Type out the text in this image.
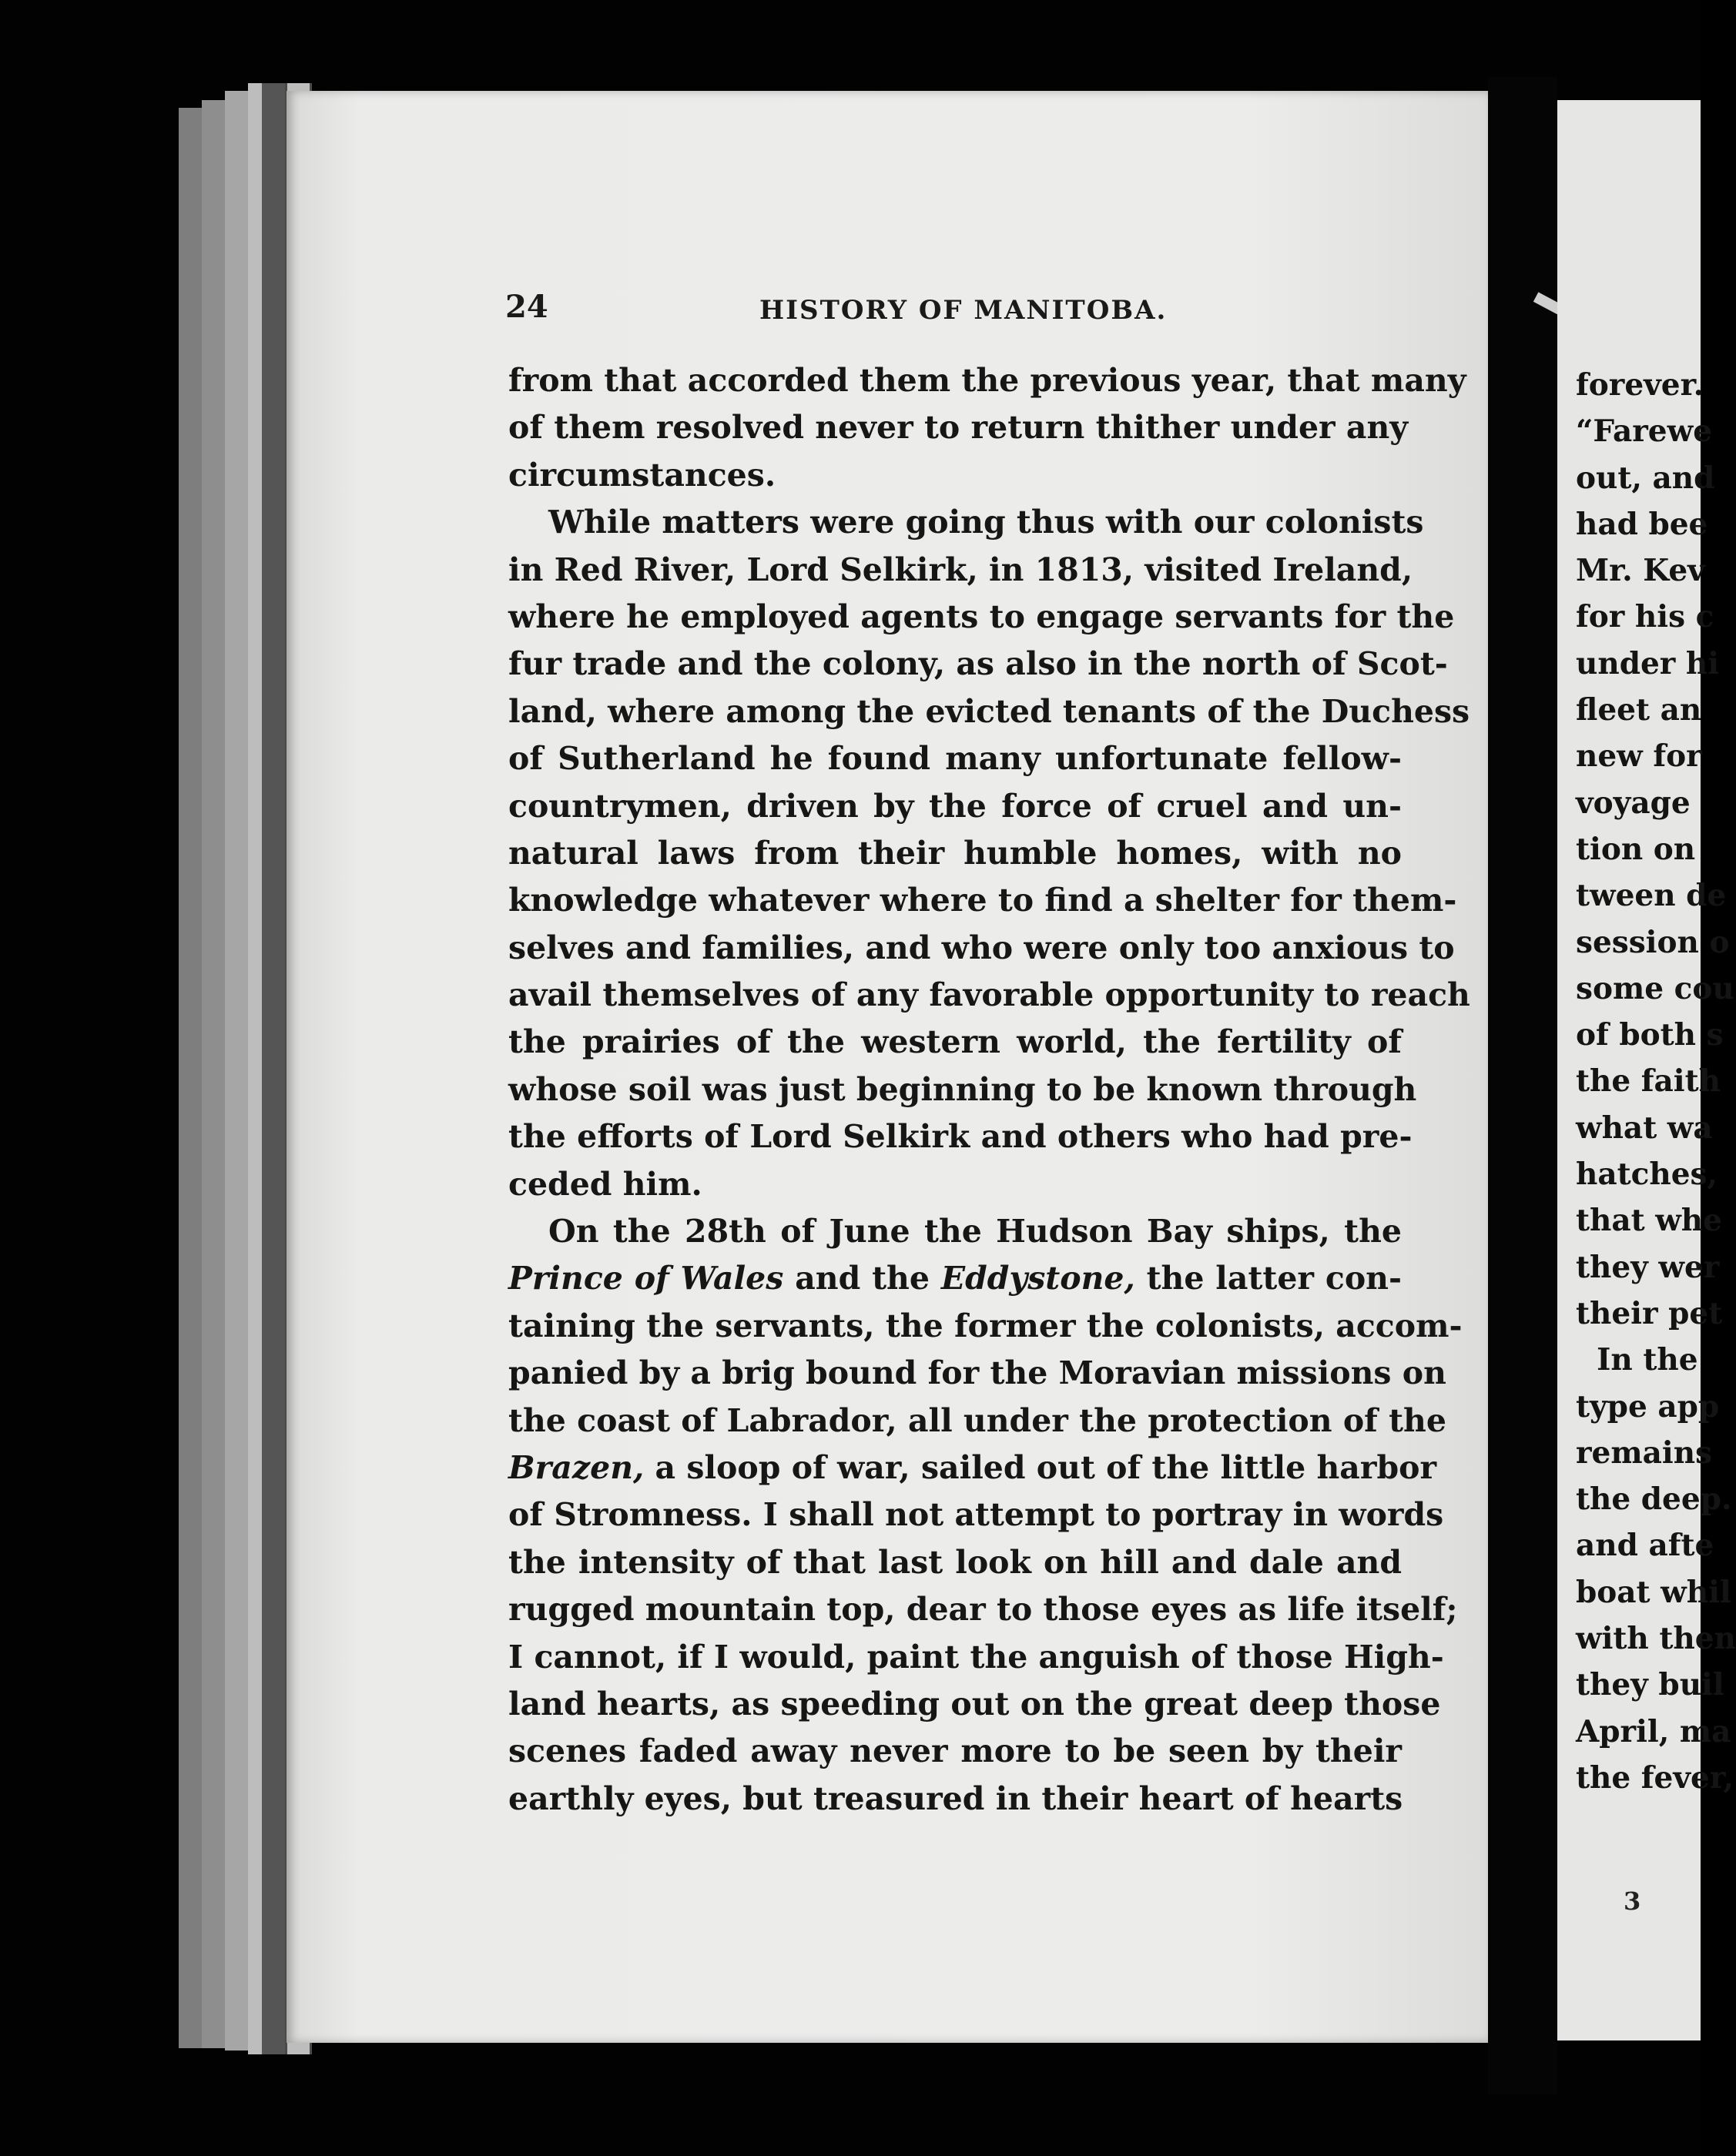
24	HISTORY OF MANITOBA.
from that accorded them the previous year, that many
of them resolved never to return thither under any
circumstances.
While matters were going thus with our colonists
in Red River, Lord Selkirk, in 1813, visited Ireland,
where he employed agents to engage servants for the
fur trade and the colony, as also in the north of Scot-
land, where among the evicted tenants of the Duchess
of Sutherland he found many unfortunate fellow-
countrymen, driven by the force of cruel and un-
natural laws from their humble homes, with no
knowledge whatever where to find a shelter for them-
selves and families, and who were only too anxious to
avail themselves of any favorable opportunity to reach
the prairies of the western world, the fertility of
whose soil was just beginning to be known through
the efforts of Lord Selkirk and others who had pre-
ceded him.
On the 28th of June the Hudson Bay ships, the
Prince of Wales and the Eddystone, the latter con-
taining the servants, the former the colonists, accom-
panied by a brig bound for the Moravian missions on
the coast of Labrador, all under the protection of the
Brazen, a sloop of war, sailed out of the little harbor
of Stromness. I shall not attempt to portray in words
the intensity of that last look on hill and dale and
rugged mountain top, dear to those eyes as life itself;
I cannot, if I would, paint the anguish of those High-
land hearts, as speeding out on the great deep those
scenes faded away never more to be seen by their
earthly eyes, but treasured in their heart of hearts
forever.
“Farewe
out, and
had bee
Mr. Kev
for his c
under hi
fleet an
new for
voyage
tion on
tween de
session o
some cou
of both s
the faith
what wa
hatches,
that whe
they wer
their pet
In the
type app
remains
the deep.
and afte
boat whil
with then
they buil
April, ma
the fever,
3
